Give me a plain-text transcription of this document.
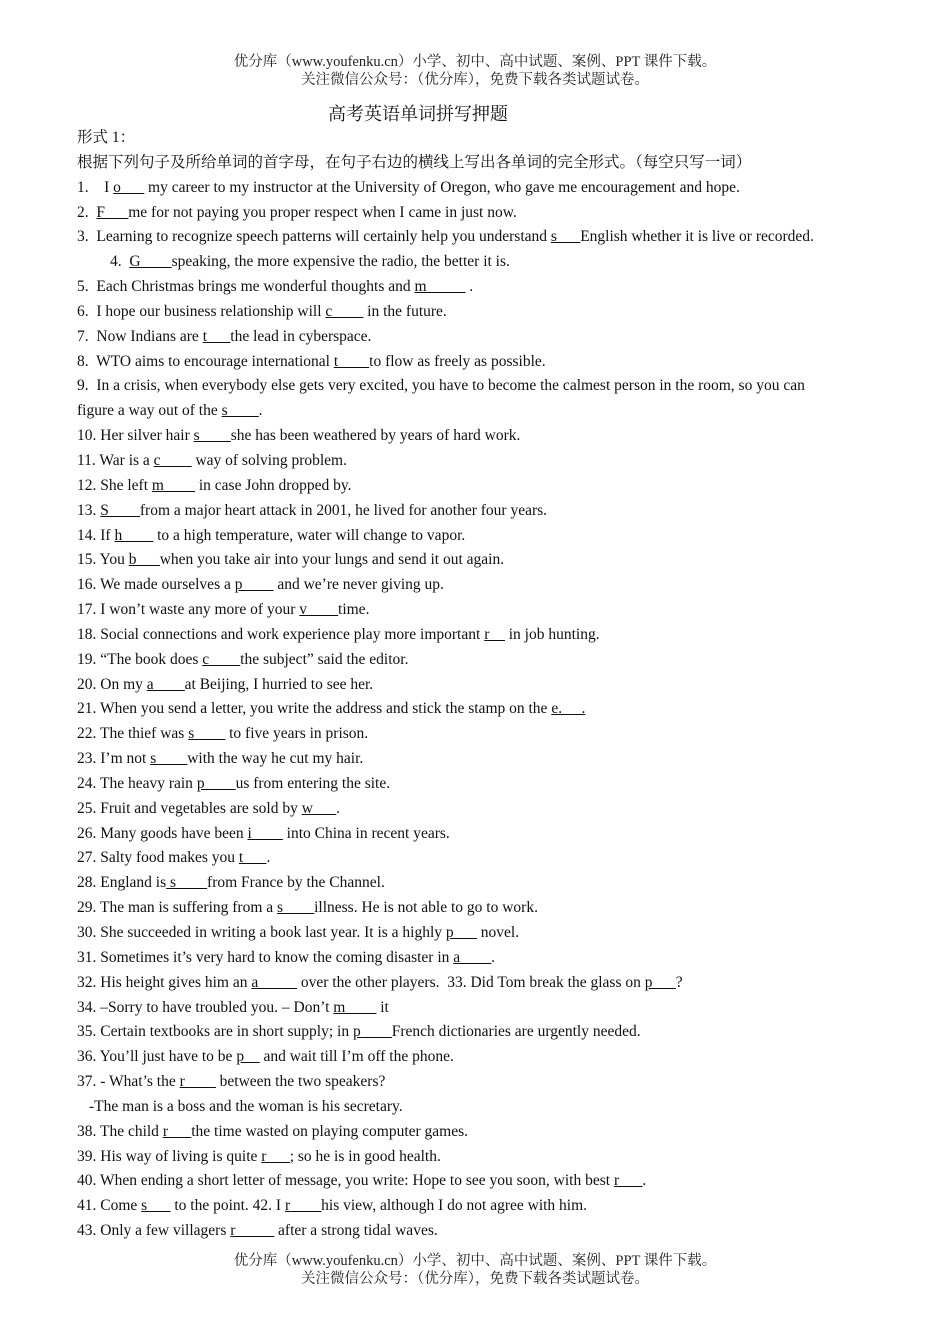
优分库（www.youfenku.cn）小学、初中、高中试题、案例、PPT 课件下载。
关注微信公众号：（优分库），免费下载各类试题试卷。
高考英语单词拼写押题
形式 1：
根据下列句子及所给单词的首字母，在句子右边的横线上写出各单词的完全形式。（每空只写一词）
1.    I o___ my career to my instructor at the University of Oregon, who gave me encouragement and hope.
2.  F___me for not paying you proper respect when I came in just now.
3.  Learning to recognize speech patterns will certainly help you understand s___English whether it is live or recorded.
4.  G____speaking, the more expensive the radio, the better it is.
5.  Each Christmas brings me wonderful thoughts and m_____ .
6.  I hope our business relationship will c____ in the future.
7.  Now Indians are t___the lead in cyberspace.
8.  WTO aims to encourage international t____to flow as freely as possible.
9.  In a crisis, when everybody else gets very excited, you have to become the calmest person in the room, so you can
figure a way out of the s____.
10. Her silver hair s____she has been weathered by years of hard work.
11. War is a c____ way of solving problem.
12. She left m____ in case John dropped by.
13. S____from a major heart attack in 2001, he lived for another four years.
14. If h____ to a high temperature, water will change to vapor.
15. You b___when you take air into your lungs and send it out again.
16. We made ourselves a p____ and we’re never giving up.
17. I won’t waste any more of your v____time.
18. Social connections and work experience play more important r__ in job hunting.
19. “The book does c____the subject” said the editor.
20. On my a____at Beijing, I hurried to see her.
21. When you send a letter, you write the address and stick the stamp on the e.     .
22. The thief was s____ to five years in prison.
23. I’m not s____with the way he cut my hair.
24. The heavy rain p____us from entering the site.
25. Fruit and vegetables are sold by w___.
26. Many goods have been i____ into China in recent years.
27. Salty food makes you t___.
28. England is s____from France by the Channel.
29. The man is suffering from a s____illness. He is not able to go to work.
30. She succeeded in writing a book last year. It is a highly p___ novel.
31. Sometimes it’s very hard to know the coming disaster in a____.
32. His height gives him an a_____ over the other players.  33. Did Tom break the glass on p___?
34. –Sorry to have troubled you. – Don’t m____ it
35. Certain textbooks are in short supply; in p____French dictionaries are urgently needed.
36. You’ll just have to be p__ and wait till I’m off the phone.
37. - What’s the r____ between the two speakers?
-The man is a boss and the woman is his secretary.
38. The child r___the time wasted on playing computer games.
39. His way of living is quite r___; so he is in good health.
40. When ending a short letter of message, you write: Hope to see you soon, with best r___.
41. Come s___ to the point. 42. I r____his view, although I do not agree with him.
43. Only a few villagers r_____ after a strong tidal waves.
优分库（www.youfenku.cn）小学、初中、高中试题、案例、PPT 课件下载。
关注微信公众号：（优分库），免费下载各类试题试卷。
